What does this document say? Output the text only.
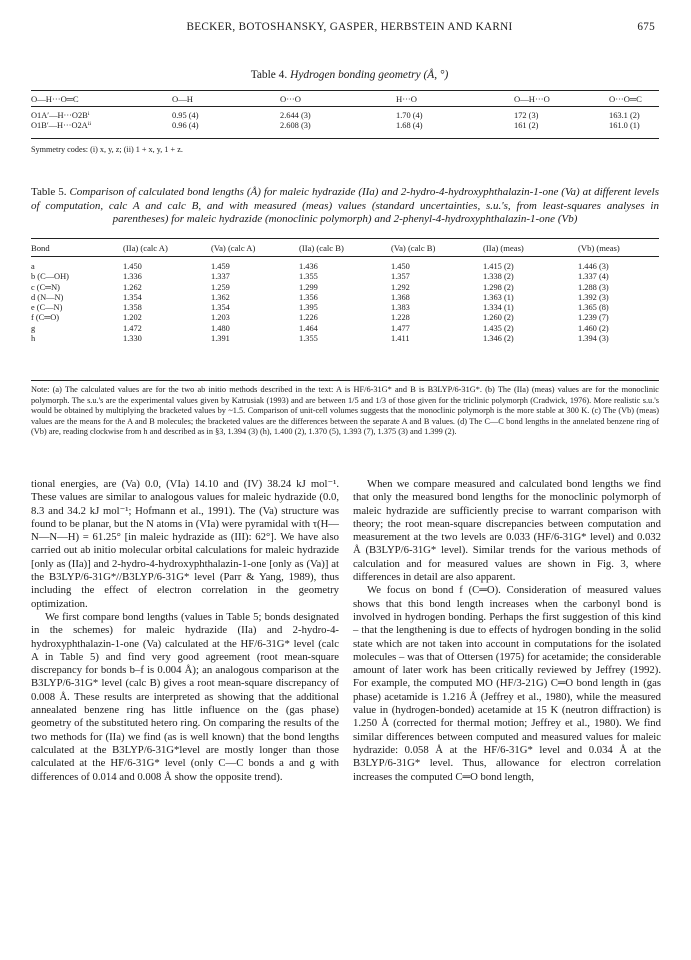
BECKER, BOTOSHANSKY, GASPER, HERBSTEIN AND KARNI	675
Table 4. Hydrogen bonding geometry (Å, °)
O—H···O═C	O—H	O···O	H···O	O—H···O	O···O═C
O1A′—H···O2Bⁱ	0.95 (4)	2.644 (3)	1.70 (4)	172 (3)	163.1 (2)
O1B′—H···O2Aⁱⁱ	0.96 (4)	2.608 (3)	1.68 (4)	161 (2)	161.0 (1)
Symmetry codes: (i) x, y, z; (ii) 1 + x, y, 1 + z.
Table 5. Comparison of calculated bond lengths (Å) for maleic hydrazide (IIa) and 2-hydro-4-hydroxyphthalazin-1-one (Va) at different levels of computation, calc A and calc B, and with measured (meas) values (standard uncertainties, s.u.'s, from least-squares analyses in parentheses) for maleic hydrazide (monoclinic polymorph) and 2-phenyl-4-hydroxyphthalazin-1-one (Vb)
Bond	(IIa) (calc A)	(Va) (calc A)	(IIa) (calc B)	(Va) (calc B)	(IIa) (meas)	(Vb) (meas)
a	1.450	1.459	1.436	1.450	1.415 (2)	1.446 (3)
b (C—OH)	1.336	1.337	1.355	1.357	1.338 (2)	1.337 (4)
c (C═N)	1.262	1.259	1.299	1.292	1.298 (2)	1.288 (3)
d (N—N)	1.354	1.362	1.356	1.368	1.363 (1)	1.392 (3)
e (C—N)	1.358	1.354	1.395	1.383	1.334 (1)	1.365 (8)
f (C═O)	1.202	1.203	1.226	1.228	1.260 (2)	1.239 (7)
g	1.472	1.480	1.464	1.477	1.435 (2)	1.460 (2)
h	1.330	1.391	1.355	1.411	1.346 (2)	1.394 (3)
Note: (a) The calculated values are for the two ab initio methods described in the text: A is HF/6-31G* and B is B3LYP/6-31G*. (b) The (IIa) (meas) values are for the monoclinic polymorph. The s.u.'s are the experimental values given by Katrusiak (1993) and are between 1/5 and 1/3 of those given for the triclinic polymorph (Cradwick, 1976). More realistic s.u.'s would be obtained by multiplying the bracketed values by ~1.5. Comparison of unit-cell volumes suggests that the monoclinic polymorph is the more stable at 300 K. (c) The (Vb) (meas) values are the means for the A and B molecules; the bracketed values are the differences between the separate A and B values. (d) The C—C bond lengths in the annelated benzene ring of (Vb) are, reading clockwise from h and described as in §3, 1.394 (3) (h), 1.400 (2), 1.370 (5), 1.393 (7), 1.375 (3) and 1.399 (2).

tional energies, are (Va) 0.0, (VIa) 14.10 and (IV) 38.24 kJ mol⁻¹. These values are similar to analogous values for maleic hydrazide (0.0, 8.3 and 34.2 kJ mol⁻¹; Hofmann et al., 1991). The (Va) structure was found to be planar, but the N atoms in (VIa) were pyramidal with τ(H—N—N—H) = 61.25° [in maleic hydrazide as (III): 62°]. We have also carried out ab initio molecular orbital calculations for maleic hydrazide [only as (IIa)] and 2-hydro-4-hydroxyphthalazin-1-one [only as (Va)] at the B3LYP/6-31G*//B3LYP/6-31G* level (Parr & Yang, 1989), thus including the effect of electron correlation in the geometry optimization.

We first compare bond lengths (values in Table 5; bonds designated in the schemes) for maleic hydrazide (IIa) and 2-hydro-4-hydroxyphthalazin-1-one (Va) calculated at the HF/6-31G* level (calc A in Table 5) and find very good agreement (root mean-square discrepancy for bonds b–f is 0.004 Å); an analogous comparison at the B3LYP/6-31G* level (calc B) gives a root mean-square discrepancy of 0.008 Å. These results are interpreted as showing that the additional annealated benzene ring has little influence on the (gas phase) geometry of the substituted hetero ring. On comparing the results of the two methods for (IIa) we find (as is well known) that the bond lengths calculated at the B3LYP/6-31G*level are mostly longer than those calculated at the HF/6-31G* level (only C—C bonds a and g with differences of 0.014 and 0.008 Å show the opposite trend).

When we compare measured and calculated bond lengths we find that only the measured bond lengths for the monoclinic polymorph of maleic hydrazide are sufficiently precise to warrant comparison with theory; the root mean-square discrepancies between computation and measurement at the two levels are 0.033 (HF/6-31G* level) and 0.032 Å (B3LYP/6-31G* level). Similar trends for the various methods of calculation and for measured values are shown in Fig. 3, where differences in detail are also apparent.

We focus on bond f (C═O). Consideration of measured values shows that this bond length increases when the carbonyl bond is involved in hydrogen bonding. Perhaps the first suggestion of this kind – that the lengthening is due to effects of hydrogen bonding in the solid state which are not taken into account in computations for the isolated molecules – was that of Ottersen (1975) for acetamide; the considerable amount of later work has been critically reviewed by Jeffrey (1992). For example, the computed MO (HF/3-21G) C═O bond length in (gas phase) acetamide is 1.216 Å (Jeffrey et al., 1980), while the measured value in (hydrogen-bonded) acetamide at 15 K (neutron diffraction) is 1.250 Å (corrected for thermal motion; Jeffrey et al., 1980). We find similar differences between computed and measured values for maleic hydrazide: 0.058 Å at the HF/6-31G* level and 0.034 Å at the B3LYP/6-31G* level. Thus, allowance for electron correlation increases the computed C═O bond length,
